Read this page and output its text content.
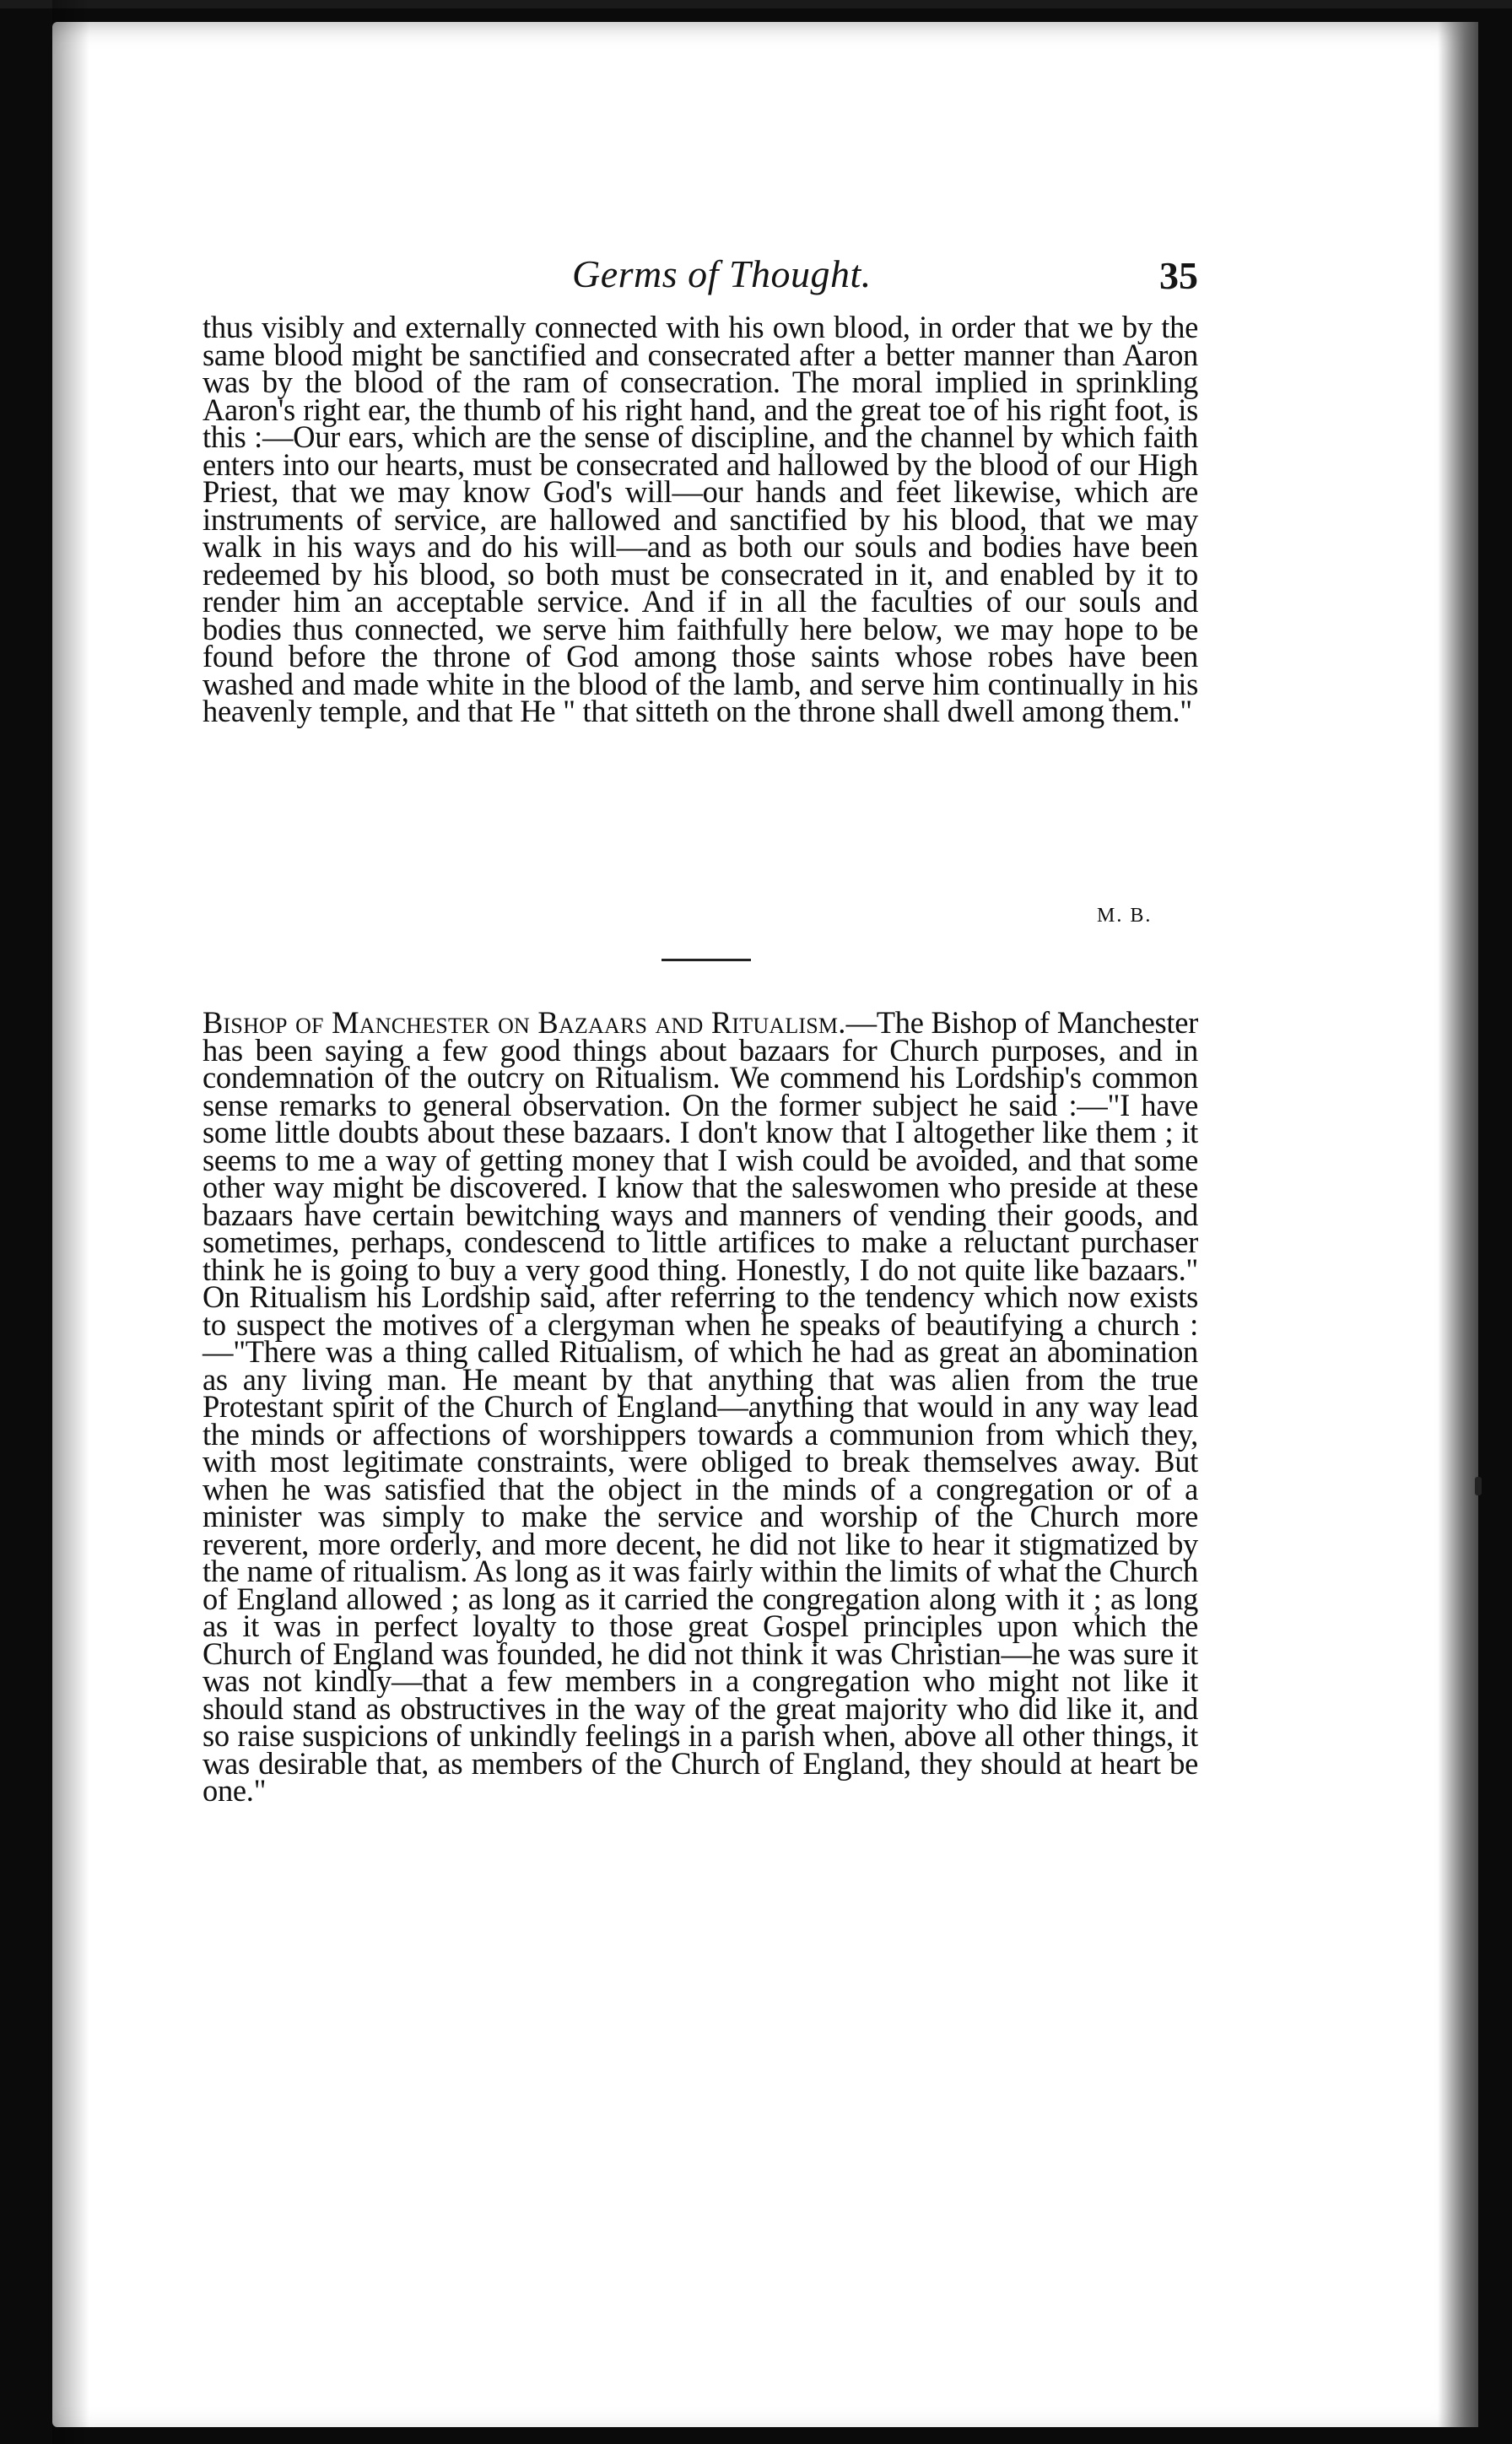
Germs of Thought.	35
thus visibly and externally connected with his own blood, in order that we by the same blood might be sanctified and consecrated after a better manner than Aaron was by the blood of the ram of consecration. The moral implied in sprinkling Aaron's right ear, the thumb of his right hand, and the great toe of his right foot, is this :—Our ears, which are the sense of discipline, and the channel by which faith enters into our hearts, must be consecrated and hallowed by the blood of our High Priest, that we may know God's will—our hands and feet likewise, which are instruments of service, are hallowed and sanctified by his blood, that we may walk in his ways and do his will—and as both our souls and bodies have been redeemed by his blood, so both must be consecrated in it, and enabled by it to render him an acceptable service. And if in all the faculties of our souls and bodies thus connected, we serve him faithfully here below, we may hope to be found before the throne of God among those saints whose robes have been washed and made white in the blood of the lamb, and serve him continually in his heavenly temple, and that He " that sitteth on the throne shall dwell among them."
M. B.
Bishop of Manchester on Bazaars and Ritualism.—The Bishop of Manchester has been saying a few good things about bazaars for Church purposes, and in condemnation of the outcry on Ritualism. We commend his Lordship's common sense remarks to general observation. On the former subject he said :—"I have some little doubts about these bazaars. I don't know that I altogether like them ; it seems to me a way of getting money that I wish could be avoided, and that some other way might be discovered. I know that the saleswomen who preside at these bazaars have certain bewitching ways and manners of vending their goods, and sometimes, perhaps, condescend to little artifices to make a reluctant purchaser think he is going to buy a very good thing. Honestly, I do not quite like bazaars." On Ritualism his Lordship said, after referring to the tendency which now exists to suspect the motives of a clergyman when he speaks of beautifying a church :—"There was a thing called Ritualism, of which he had as great an abomination as any living man. He meant by that anything that was alien from the true Protestant spirit of the Church of England—anything that would in any way lead the minds or affections of worshippers towards a communion from which they, with most legitimate constraints, were obliged to break themselves away. But when he was satisfied that the object in the minds of a congregation or of a minister was simply to make the service and worship of the Church more reverent, more orderly, and more decent, he did not like to hear it stigmatized by the name of ritualism. As long as it was fairly within the limits of what the Church of England allowed ; as long as it carried the congregation along with it ; as long as it was in perfect loyalty to those great Gospel principles upon which the Church of England was founded, he did not think it was Christian—he was sure it was not kindly—that a few members in a congregation who might not like it should stand as obstructives in the way of the great majority who did like it, and so raise suspicions of unkindly feelings in a parish when, above all other things, it was desirable that, as members of the Church of England, they should at heart be one."
